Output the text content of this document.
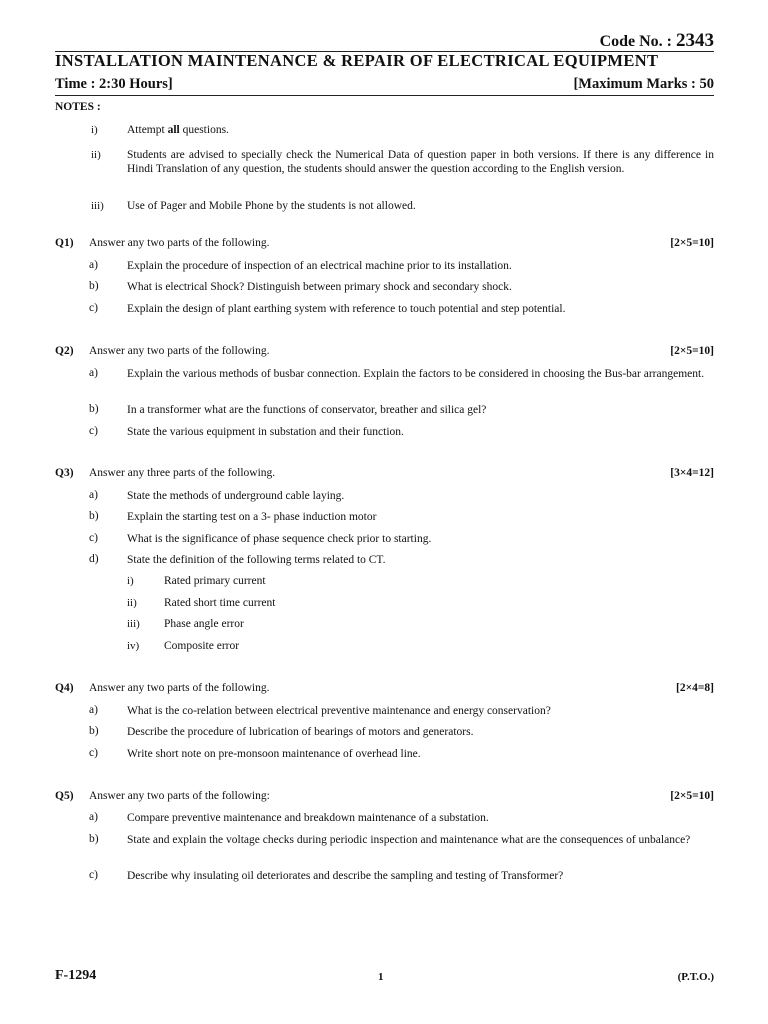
Code No. : 2343
INSTALLATION MAINTENANCE & REPAIR OF ELECTRICAL EQUIPMENT
Time : 2:30 Hours]	[Maximum Marks : 50
NOTES :
i)	Attempt all questions.
ii) Students are advised to specially check the Numerical Data of question paper in both versions. If there is any difference in Hindi Translation of any question, the students should answer the question according to the English version.
iii) Use of Pager and Mobile Phone by the students is not allowed.
Q1) Answer any two parts of the following.	[2×5=10]
a)	Explain the procedure of inspection of an electrical machine prior to its installation.
b) What is electrical Shock? Distinguish between primary shock and secondary shock.
c)	Explain the design of plant earthing system with reference to touch potential and step potential.
Q2) Answer any two parts of the following.	[2×5=10]
a)	Explain the various methods of busbar connection. Explain the factors to be considered in choosing the Bus-bar arrangement.
b) In a transformer what are the functions of conservator, breather and silica gel?
c)	State the various equipment in substation and their function.
Q3) Answer any three parts of the following.	[3×4=12]
a)	State the methods of underground cable laying.
b) Explain the starting test on a 3- phase induction motor
c)	What is the significance of phase sequence check prior to starting.
d) State the definition of the following terms related to CT.
i)	Rated primary current
ii) Rated short time current
iii) Phase angle error
iv) Composite error
Q4) Answer any two parts of the following.	[2×4=8]
a)	What is the co-relation between electrical preventive maintenance and energy conservation?
b) Describe the procedure of lubrication of bearings of motors and generators.
c)	Write short note on pre-monsoon maintenance of overhead line.
Q5) Answer any two parts of the following:	[2×5=10]
a)	Compare preventive maintenance and breakdown maintenance of a substation.
b) State and explain the voltage checks during periodic inspection and maintenance what are the consequences of unbalance?
c)	Describe why insulating oil deteriorates and describe the sampling and testing of Transformer?
F-1294	1	(P.T.O.)
